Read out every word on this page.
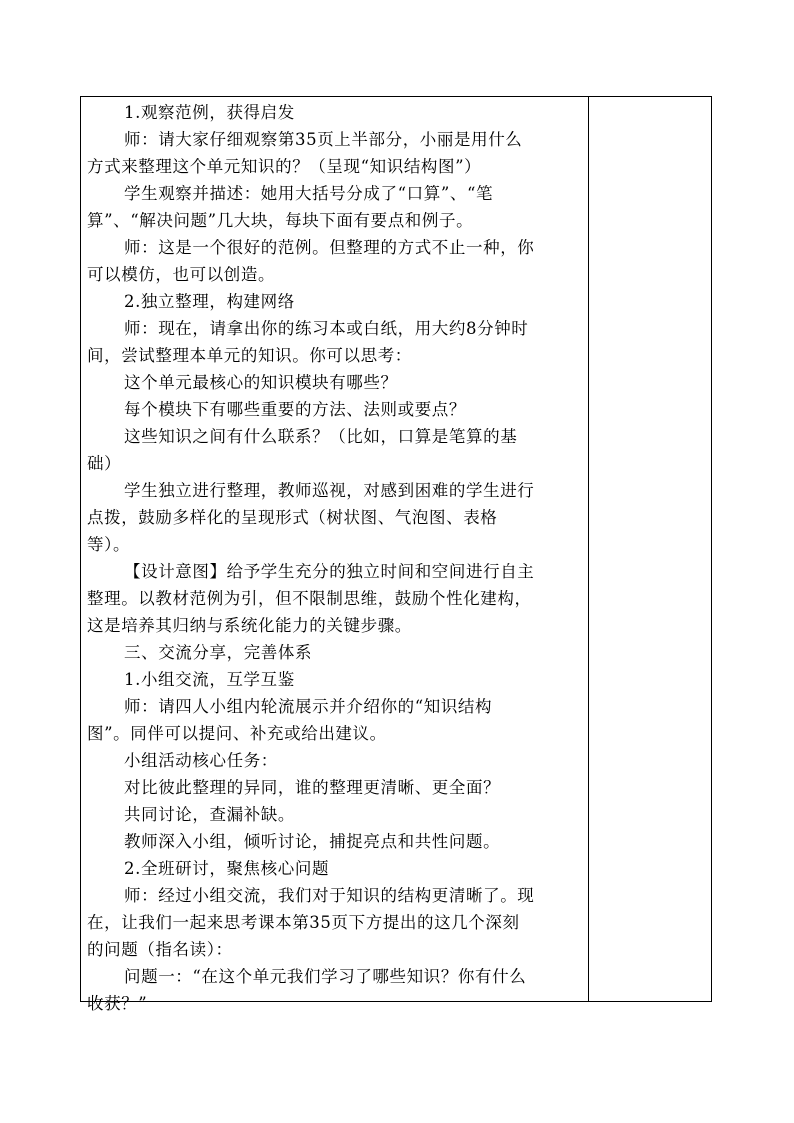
1.观察范例，获得启发
师：请大家仔细观察第35页上半部分，小丽是用什么
方式来整理这个单元知识的？（呈现“知识结构图”）
学生观察并描述：她用大括号分成了“口算”、“笔
算”、“解决问题”几大块，每块下面有要点和例子。
师：这是一个很好的范例。但整理的方式不止一种，你
可以模仿，也可以创造。
2.独立整理，构建网络
师：现在，请拿出你的练习本或白纸，用大约8分钟时
间，尝试整理本单元的知识。你可以思考：
这个单元最核心的知识模块有哪些？
每个模块下有哪些重要的方法、法则或要点？
这些知识之间有什么联系？（比如，口算是笔算的基
础）
学生独立进行整理，教师巡视，对感到困难的学生进行
点拨，鼓励多样化的呈现形式（树状图、气泡图、表格
等）。
【设计意图】给予学生充分的独立时间和空间进行自主
整理。以教材范例为引，但不限制思维，鼓励个性化建构，
这是培养其归纳与系统化能力的关键步骤。
三、交流分享，完善体系
1.小组交流，互学互鉴
师：请四人小组内轮流展示并介绍你的“知识结构
图”。同伴可以提问、补充或给出建议。
小组活动核心任务：
对比彼此整理的异同，谁的整理更清晰、更全面？
共同讨论，查漏补缺。
教师深入小组，倾听讨论，捕捉亮点和共性问题。
2.全班研讨，聚焦核心问题
师：经过小组交流，我们对于知识的结构更清晰了。现
在，让我们一起来思考课本第35页下方提出的这几个深刻
的问题（指名读）：
问题一：“在这个单元我们学习了哪些知识？你有什么
收获？”
